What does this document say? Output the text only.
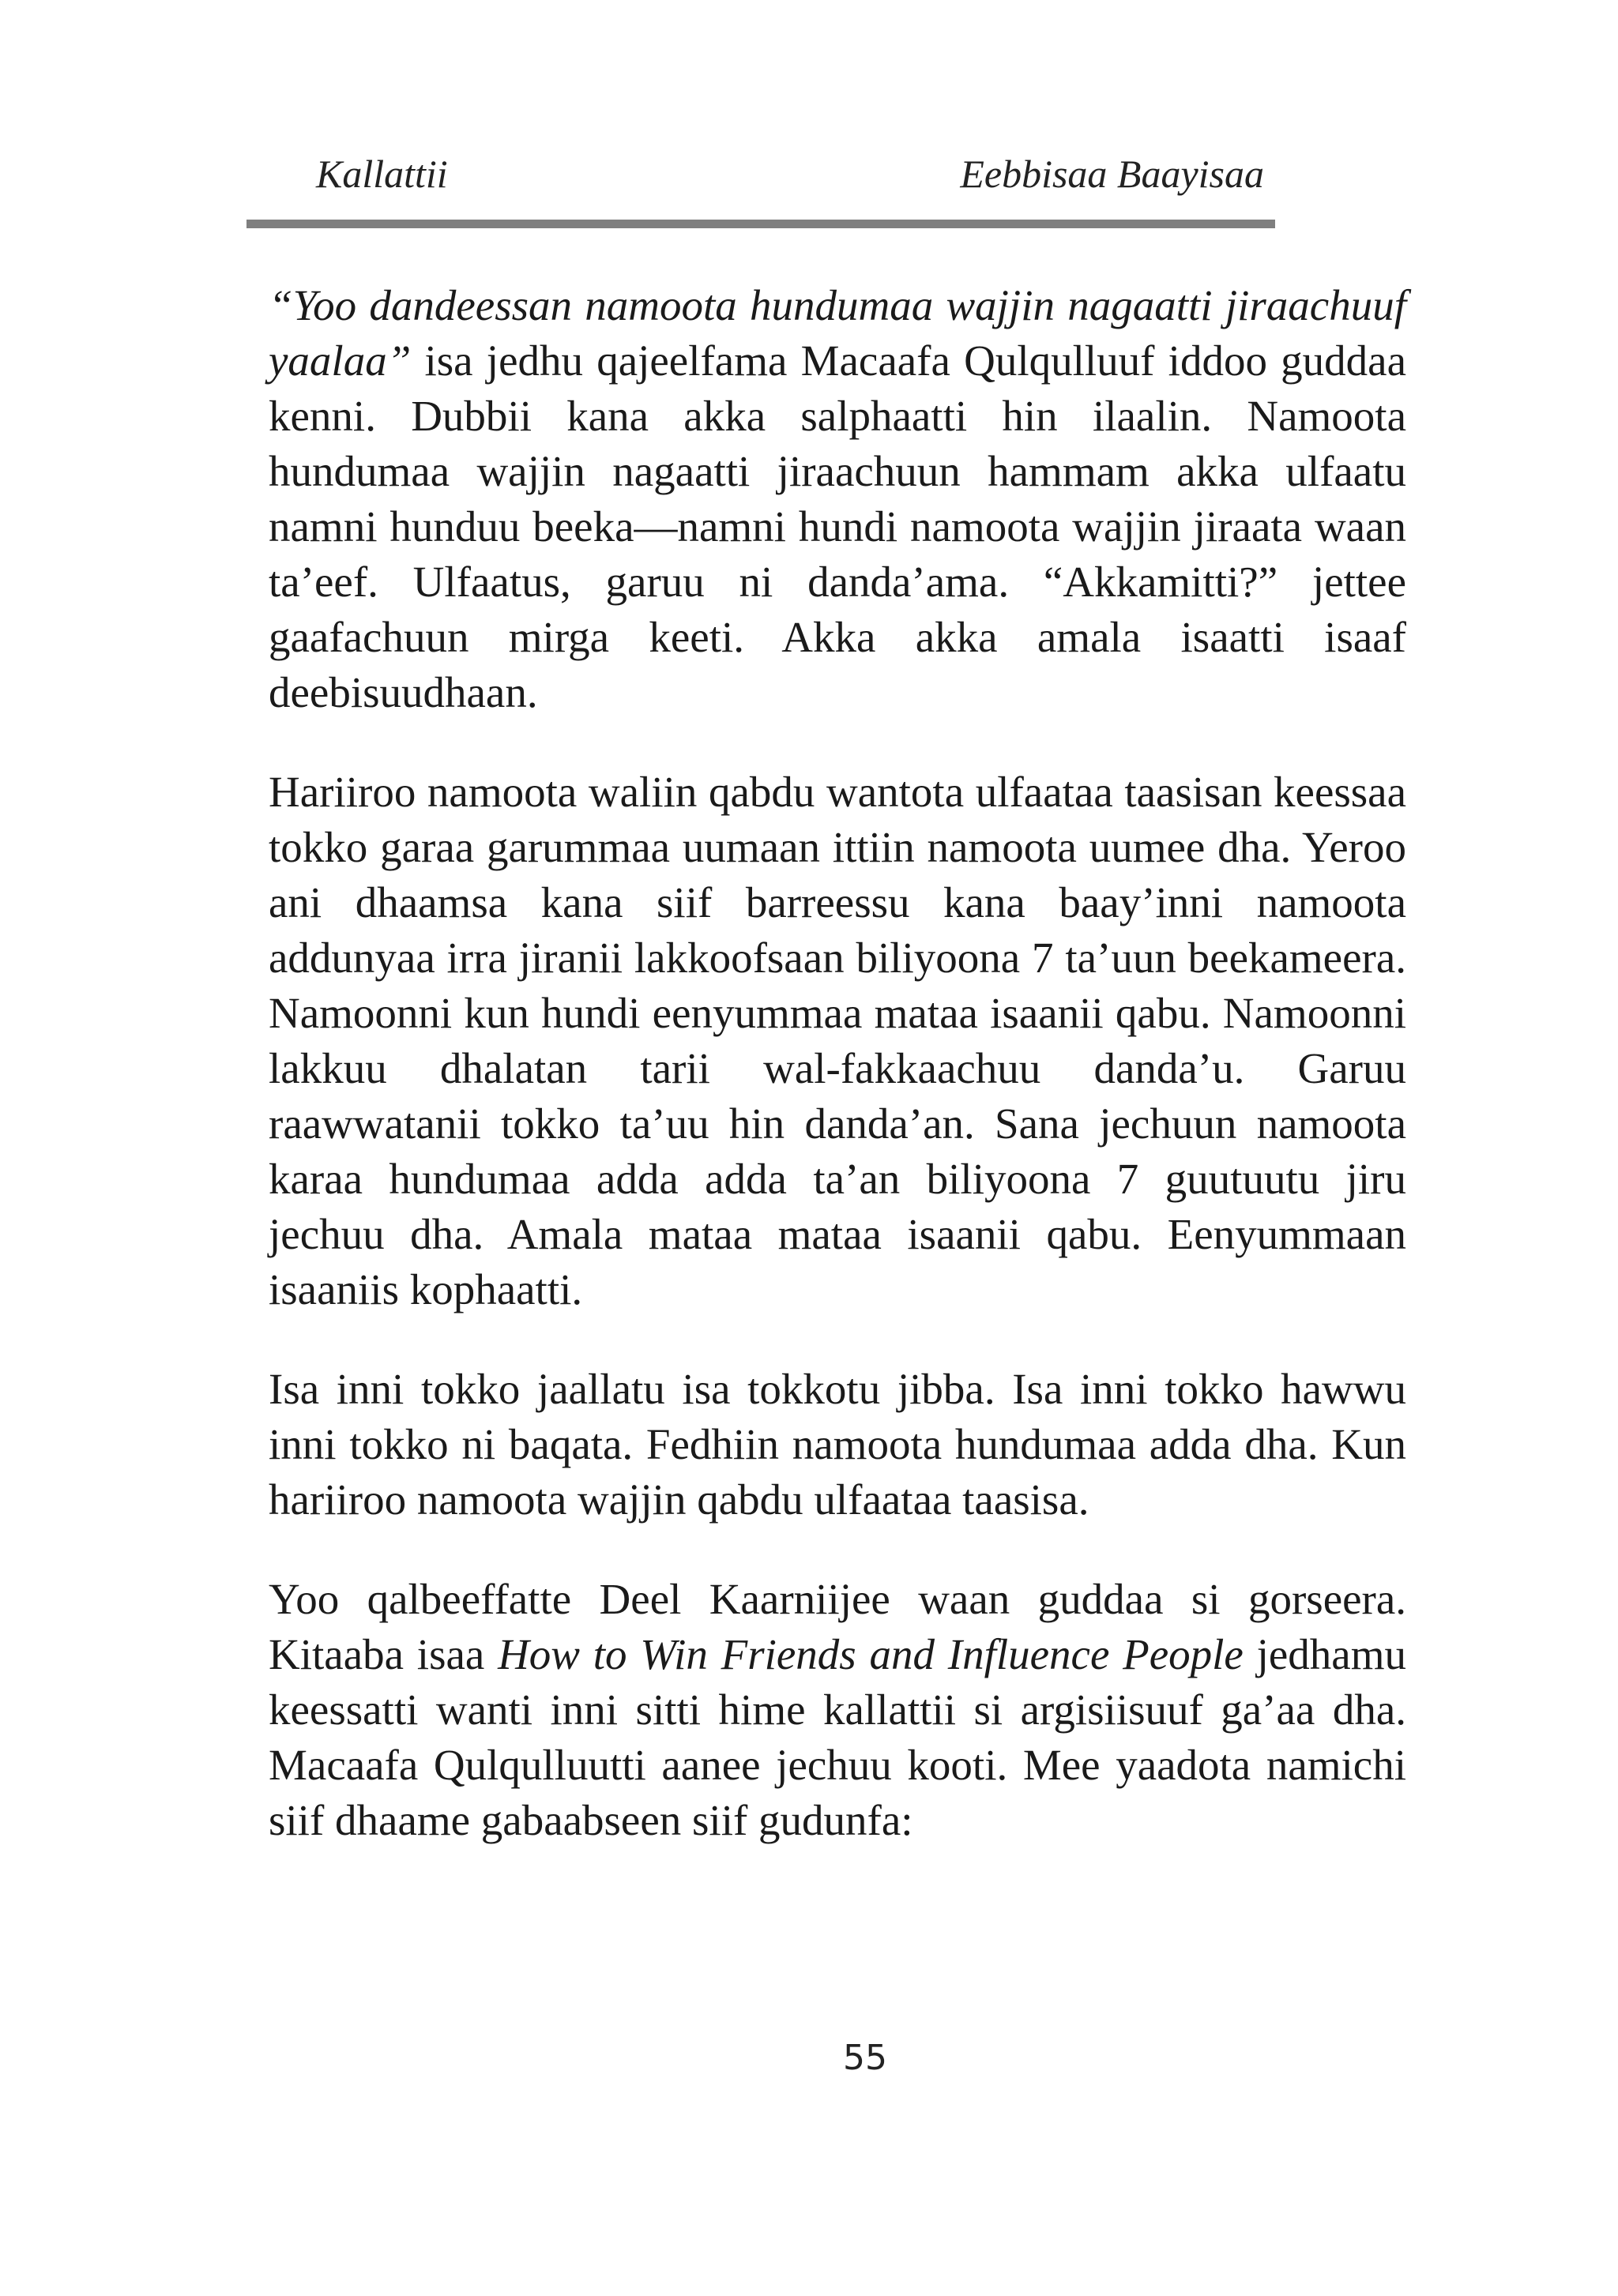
Kallattii	Eebbisaa Baayisaa

“Yoo dandeessan namoota hundumaa wajjin nagaatti jiraachuuf yaalaa” isa jedhu qajeelfama Macaafa Qulqulluuf iddoo guddaa kenni. Dubbii kana akka salphaatti hin ilaalin. Namoota hundumaa wajjin nagaatti jiraachuun hammam akka ulfaatu namni hunduu beeka—namni hundi namoota wajjin jiraata waan ta’eef. Ulfaatus, garuu ni danda’ama. “Akkamitti?” jettee gaafachuun mirga keeti. Akka akka amala isaatti isaaf deebisuudhaan.

Hariiroo namoota waliin qabdu wantota ulfaataa taasisan keessaa tokko garaa garummaa uumaan ittiin namoota uumee dha. Yeroo ani dhaamsa kana siif barreessu kana baay’inni namoota addunyaa irra jiranii lakkoofsaan biliyoona 7 ta’uun beekameera. Namoonni kun hundi eenyummaa mataa isaanii qabu. Namoonni lakkuu dhalatan tarii wal-fakkaachuu danda’u. Garuu raawwatanii tokko ta’uu hin danda’an. Sana jechuun namoota karaa hundumaa adda adda ta’an biliyoona 7 guutuutu jiru jechuu dha. Amala mataa mataa isaanii qabu. Eenyummaan isaaniis kophaatti.

Isa inni tokko jaallatu isa tokkotu jibba. Isa inni tokko hawwu inni tokko ni baqata. Fedhiin namoota hundumaa adda dha. Kun hariiroo namoota wajjin qabdu ulfaataa taasisa.

Yoo qalbeeffatte Deel Kaarniijee waan guddaa si gorseera. Kitaaba isaa How to Win Friends and Influence People jedhamu keessatti wanti inni sitti hime kallattii si argisiisuuf ga’aa dha. Macaafa Qulqulluutti aanee jechuu kooti. Mee yaadota namichi siif dhaame gabaabseen siif gudunfa:

55
